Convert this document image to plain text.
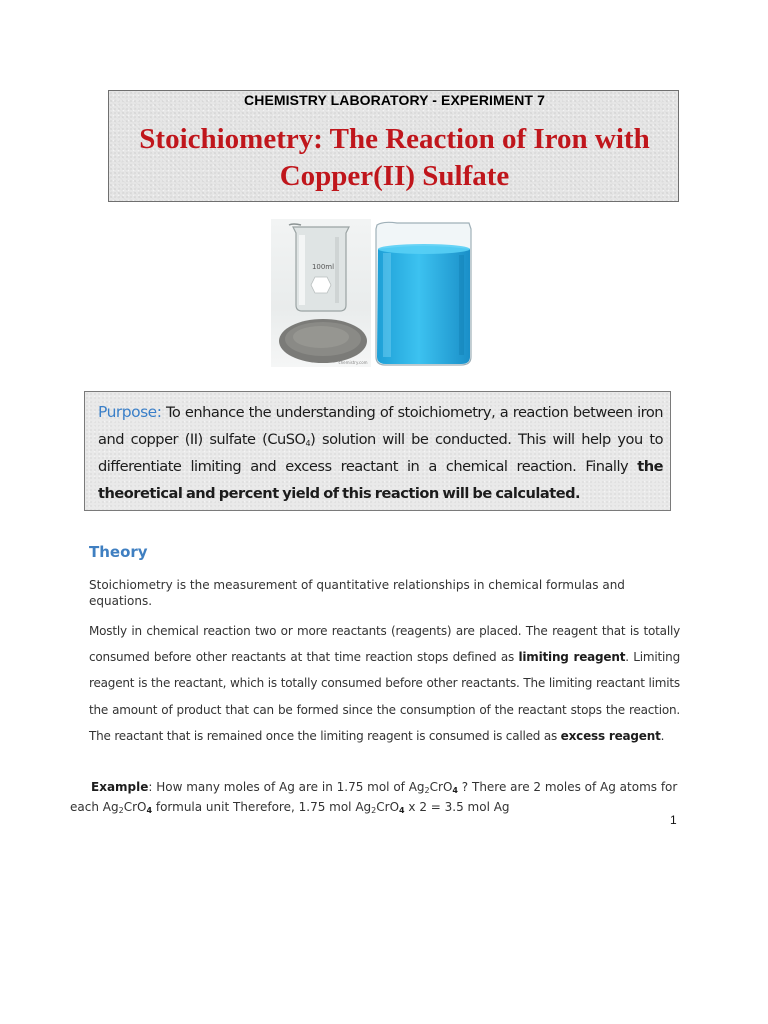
CHEMISTRY LABORATORY - EXPERIMENT 7
Stoichiometry: The Reaction of Iron with Copper(II) Sulfate
100ml
chemistry.com
Purpose: To enhance the understanding of stoichiometry, a reaction between iron and copper (II) sulfate (CuSO$_4$) solution will be conducted. This will help you to differentiate limiting and excess reactant in a chemical reaction. Finally the theoretical and percent yield of this reaction will be calculated.
Theory
Stoichiometry is the measurement of quantitative relationships in chemical formulas and equations.
Mostly in chemical reaction two or more reactants (reagents) are placed. The reagent that is totally consumed before other reactants at that time reaction stops defined as limiting reagent. Limiting reagent is the reactant, which is totally consumed before other reactants. The limiting reactant limits the amount of product that can be formed since the consumption of the reactant stops the reaction. The reactant that is remained once the limiting reagent is consumed is called as excess reagent.
Example: How many moles of Ag are in 1.75 mol of $Ag_2CrO_4$ ? There are 2 moles of Ag atoms for each $Ag_2CrO_4$ formula unit Therefore, 1.75 mol $Ag_2CrO_4$ x 2 = 3.5 mol Ag
1
